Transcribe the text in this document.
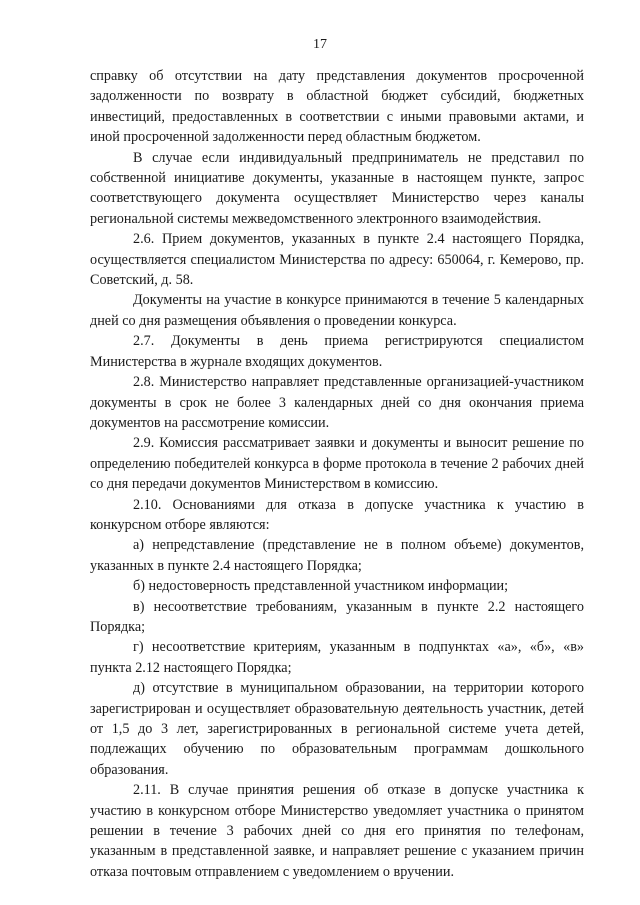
17

справку об отсутствии на дату представления документов просроченной задолженности по возврату в областной бюджет субсидий, бюджетных инвестиций, предоставленных в соответствии с иными правовыми актами, и иной просроченной задолженности перед областным бюджетом.

В случае если индивидуальный предприниматель не представил по собственной инициативе документы, указанные в настоящем пункте, запрос соответствующего документа осуществляет Министерство через каналы региональной системы межведомственного электронного взаимодействия.

2.6. Прием документов, указанных в пункте 2.4 настоящего Порядка, осуществляется специалистом Министерства по адресу: 650064, г. Кемерово, пр. Советский, д. 58.

Документы на участие в конкурсе принимаются в течение 5 календарных дней со дня размещения объявления о проведении конкурса.

2.7. Документы в день приема регистрируются специалистом Министерства в журнале входящих документов.

2.8. Министерство направляет представленные организацией-участником документы в срок не более 3 календарных дней со дня окончания приема документов на рассмотрение комиссии.

2.9. Комиссия рассматривает заявки и документы и выносит решение по определению победителей конкурса в форме протокола в течение 2 рабочих дней со дня передачи документов Министерством в комиссию.

2.10. Основаниями для отказа в допуске участника к участию в конкурсном отборе являются:

а) непредставление (представление не в полном объеме) документов, указанных в пункте 2.4 настоящего Порядка;

б) недостоверность представленной участником информации;

в) несоответствие требованиям, указанным в пункте 2.2 настоящего Порядка;

г) несоответствие критериям, указанным в подпунктах «а», «б», «в» пункта 2.12 настоящего Порядка;

д) отсутствие в муниципальном образовании, на территории которого зарегистрирован и осуществляет образовательную деятельность участник, детей от 1,5 до 3 лет, зарегистрированных в региональной системе учета детей, подлежащих обучению по образовательным программам дошкольного образования.

2.11. В случае принятия решения об отказе в допуске участника к участию в конкурсном отборе Министерство уведомляет участника о принятом решении в течение 3 рабочих дней со дня его принятия по телефонам, указанным в представленной заявке, и направляет решение с указанием причин отказа почтовым отправлением с уведомлением о вручении.
